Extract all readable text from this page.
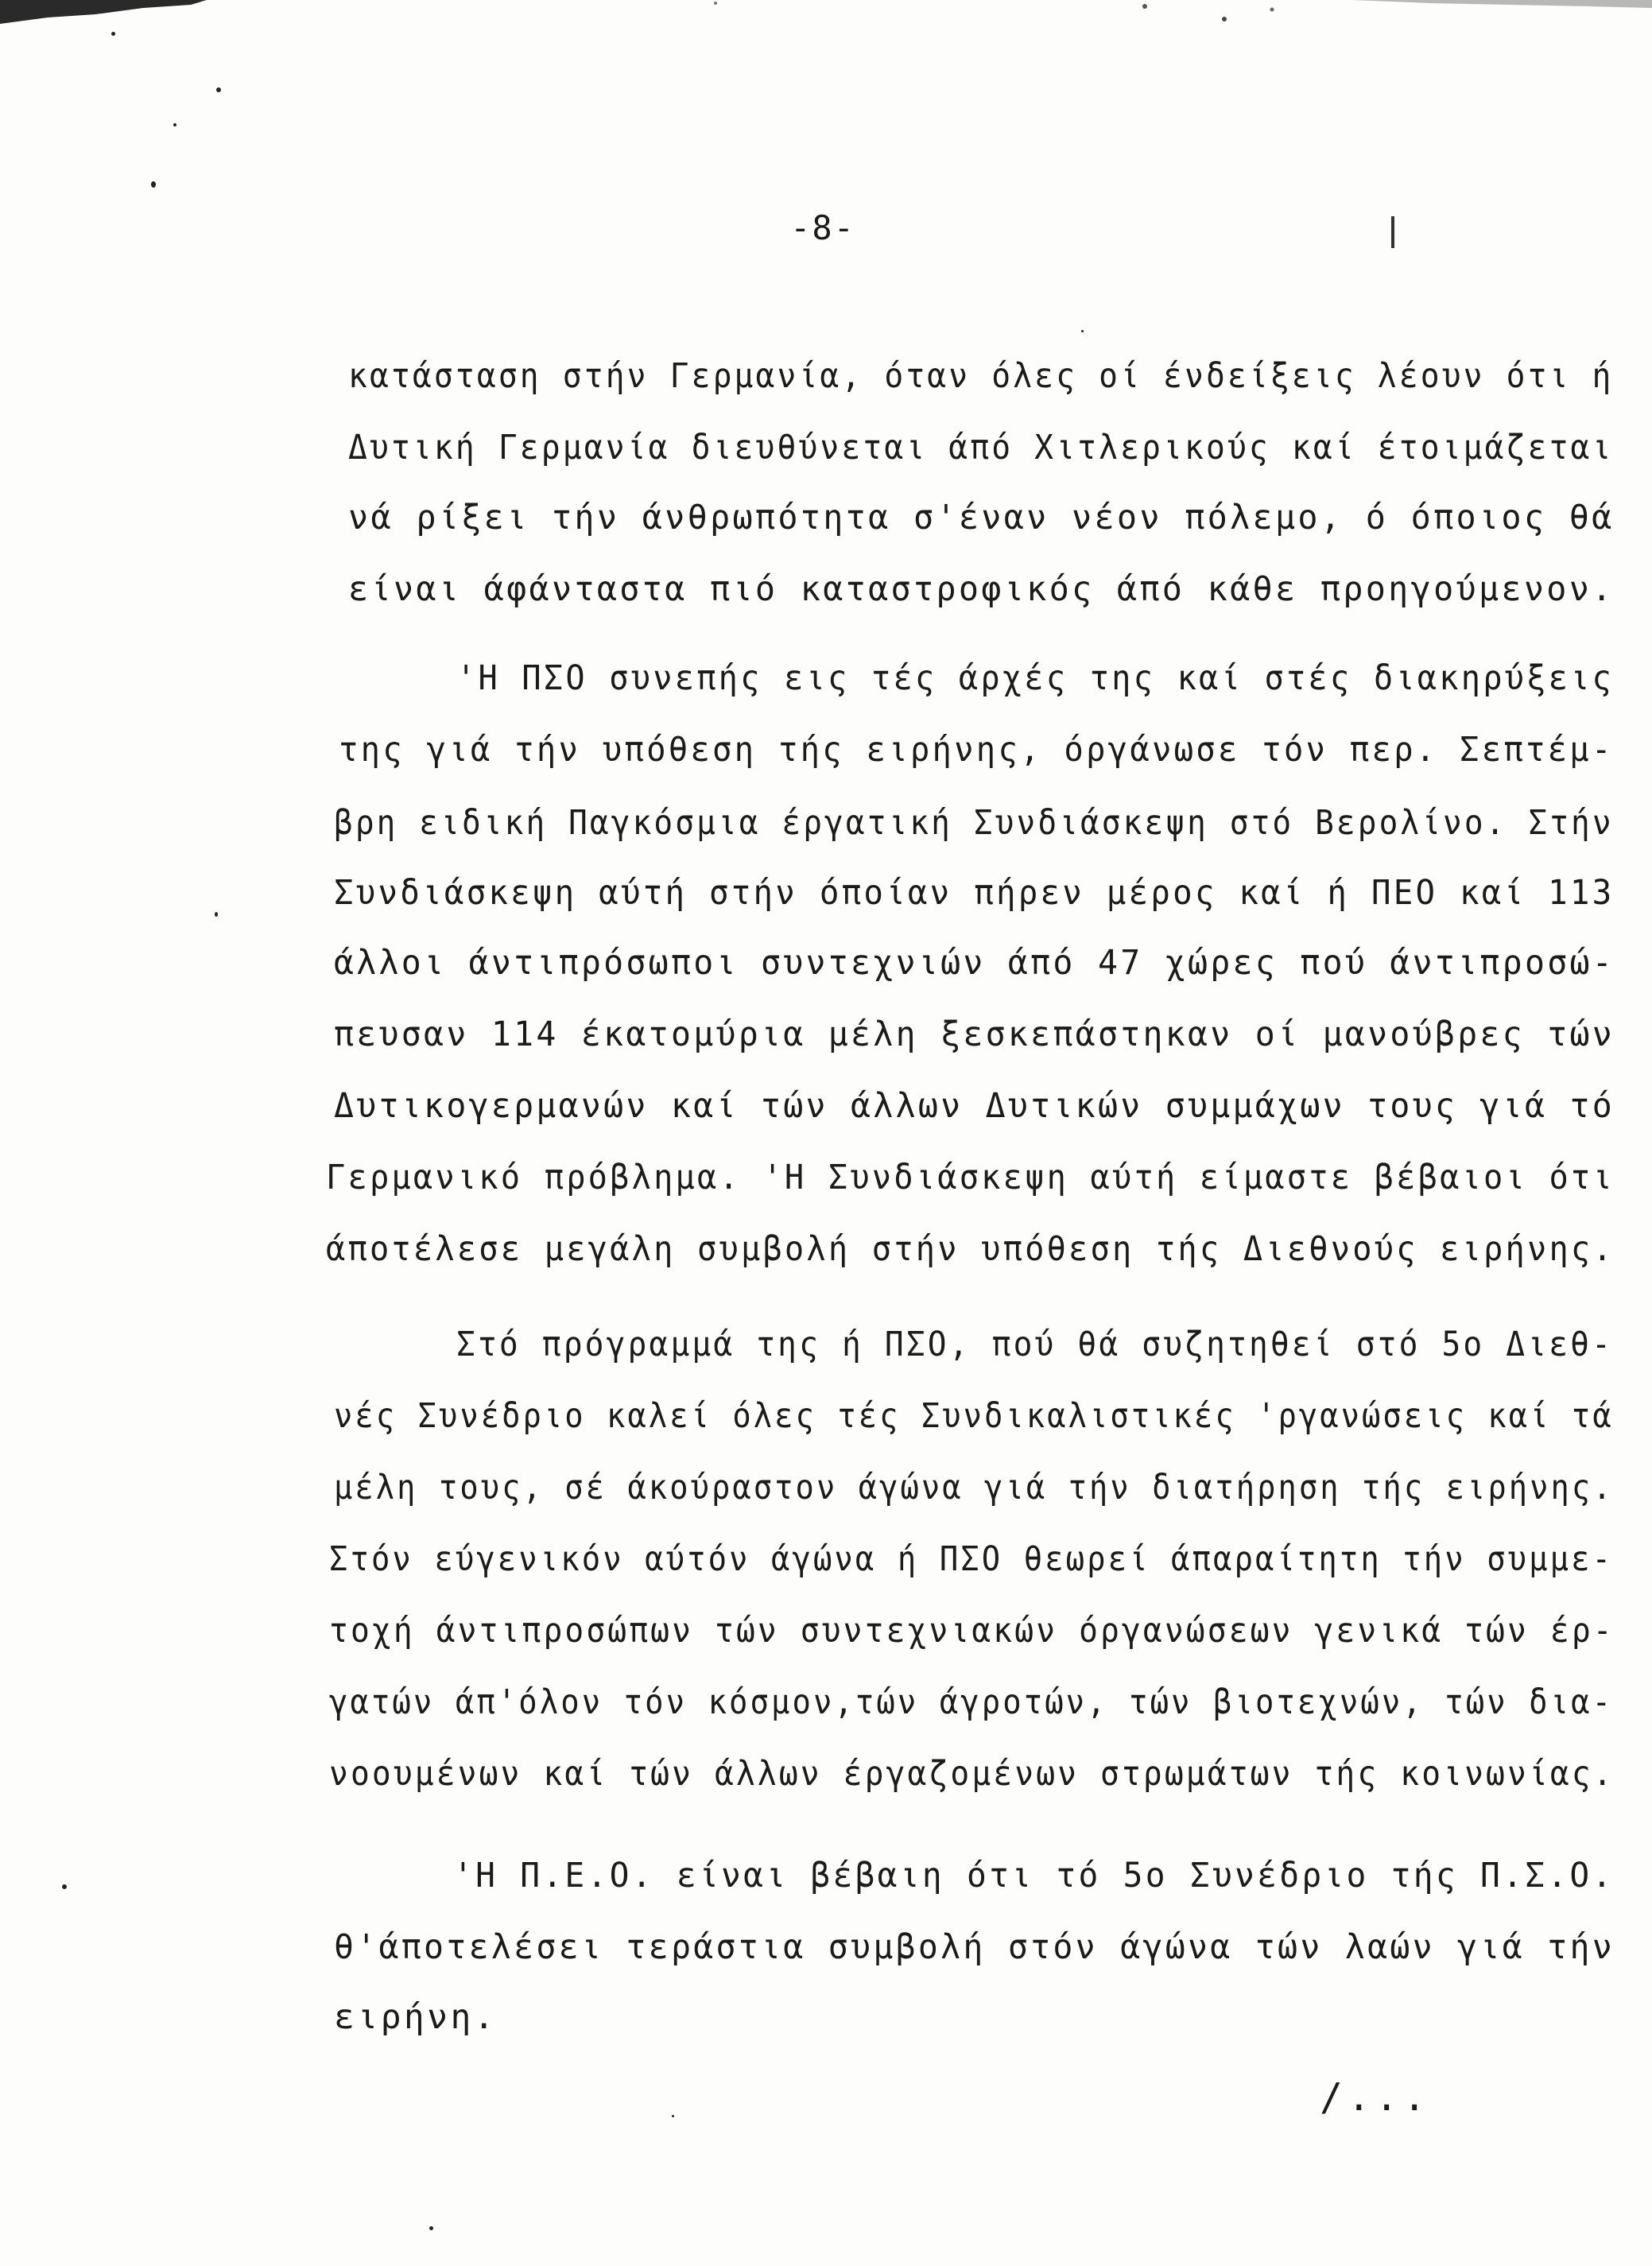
-8-

κατάσταση στήν Γερμανία, όταν όλες οί ένδείξεις λέουν ότι ή
Δυτική Γερμανία διευθύνεται άπό Χιτλερικούς καί έτοιμάζεται
νά ρίξει τήν άνθρωπότητα σ'έναν νέον πόλεμο, ό όποιος θά
είναι άφάνταστα πιό καταστροφικός άπό κάθε προηγούμενον.
'Η ΠΣΟ συνεπής εις τές άρχές της καί στές διακηρύξεις
της γιά τήν υπόθεση τής ειρήνης, όργάνωσε τόν περ. Σεπτέμ-
βρη ειδική Παγκόσμια έργατική Συνδιάσκεψη στό Βερολίνο. Στήν
Συνδιάσκεψη αύτή στήν όποίαν πήρεν μέρος καί ή ΠΕΟ καί 113
άλλοι άντιπρόσωποι συντεχνιών άπό 47 χώρες πού άντιπροσώ-
πευσαν 114 έκατομύρια μέλη ξεσκεπάστηκαν οί μανούβρες τών
Δυτικογερμανών καί τών άλλων Δυτικών συμμάχων τους γιά τό
Γερμανικό πρόβλημα. 'Η Συνδιάσκεψη αύτή είμαστε βέβαιοι ότι
άποτέλεσε μεγάλη συμβολή στήν υπόθεση τής Διεθνούς ειρήνης.
Στό πρόγραμμά της ή ΠΣΟ, πού θά συζητηθεί στό 5ο Διεθ-
νές Συνέδριο καλεί όλες τές Συνδικαλιστικές 'ργανώσεις καί τά
μέλη τους, σέ άκούραστον άγώνα γιά τήν διατήρηση τής ειρήνης.
Στόν εύγενικόν αύτόν άγώνα ή ΠΣΟ θεωρεί άπαραίτητη τήν συμμε-
τοχή άντιπροσώπων τών συντεχνιακών όργανώσεων γενικά τών έρ-
γατών άπ'όλον τόν κόσμον,τών άγροτών, τών βιοτεχνών, τών δια-
νοουμένων καί τών άλλων έργαζομένων στρωμάτων τής κοινωνίας.
'Η Π.Ε.Ο. είναι βέβαιη ότι τό 5ο Συνέδριο τής Π.Σ.Ο.
θ'άποτελέσει τεράστια συμβολή στόν άγώνα τών λαών γιά τήν
ειρήνη.

/...
